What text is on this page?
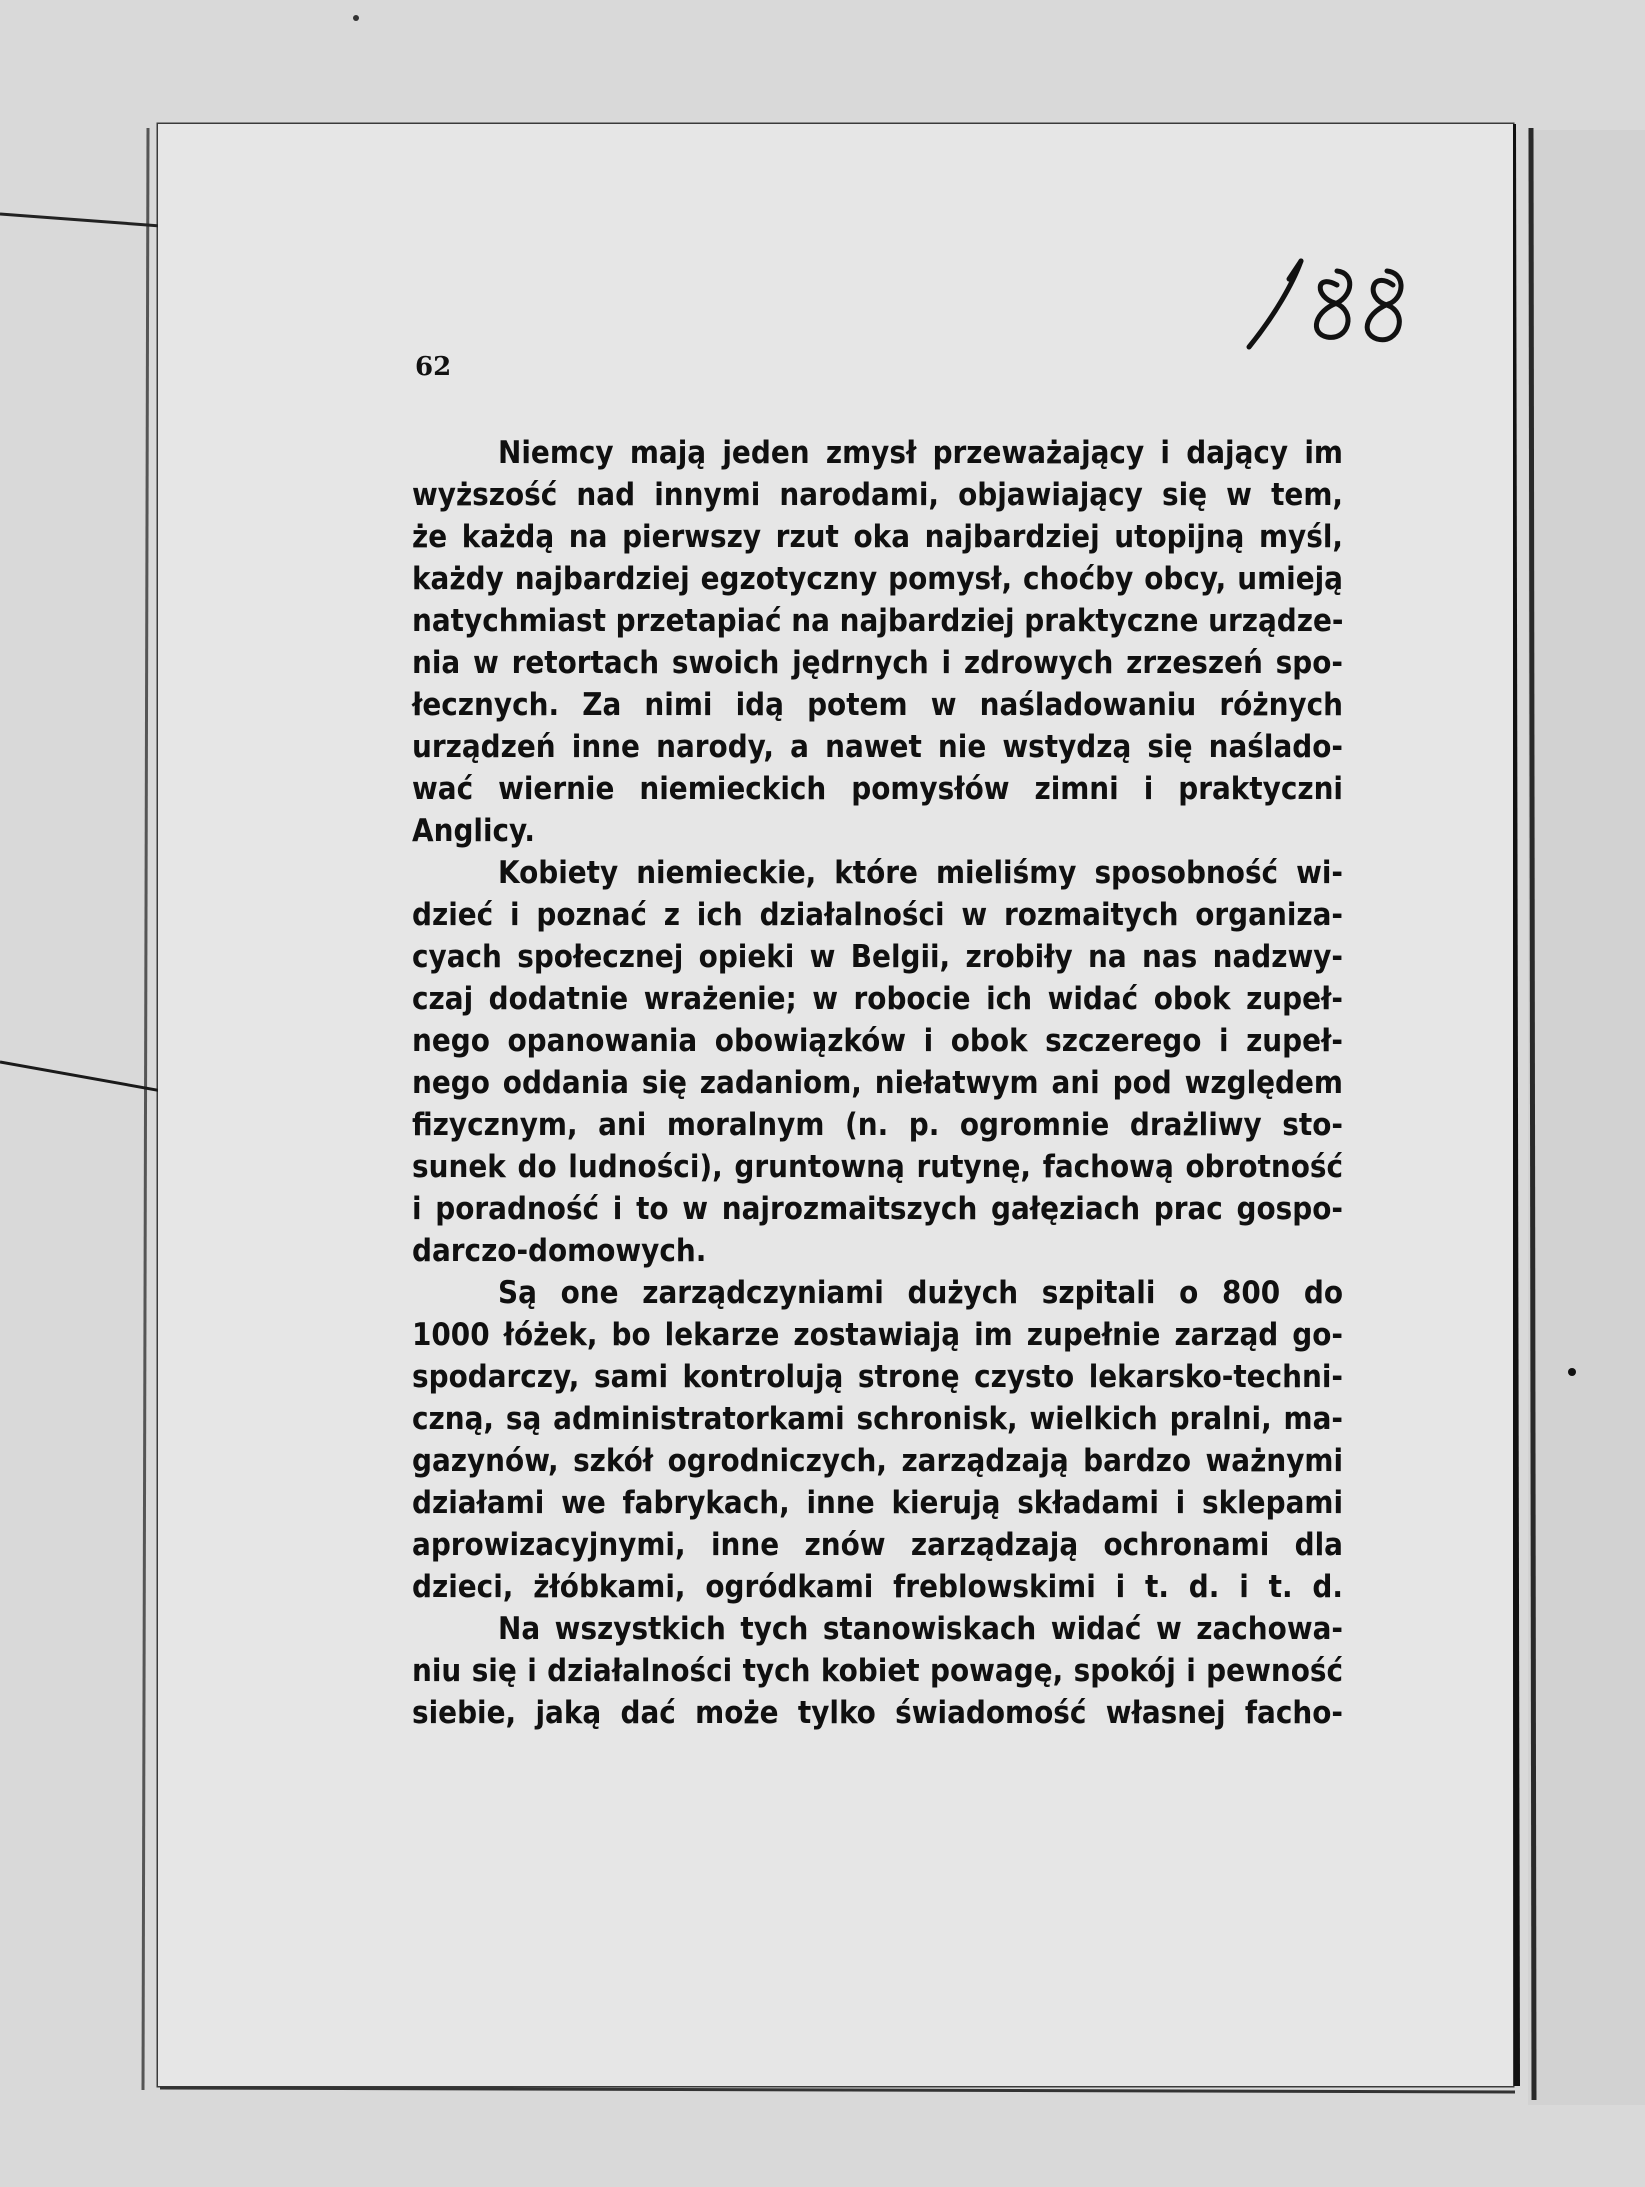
62

Niemcy mają jeden zmysł przeważający i dający im
wyższość nad innymi narodami, objawiający się w tem,
że każdą na pierwszy rzut oka najbardziej utopijną myśl,
każdy najbardziej egzotyczny pomysł, choćby obcy, umieją
natychmiast przetapiać na najbardziej praktyczne urządze-
nia w retortach swoich jędrnych i zdrowych zrzeszeń spo-
łecznych. Za nimi idą potem w naśladowaniu różnych
urządzeń inne narody, a nawet nie wstydzą się naślado-
wać wiernie niemieckich pomysłów zimni i praktyczni
Anglicy.

Kobiety niemieckie, które mieliśmy sposobność wi-
dzieć i poznać z ich działalności w rozmaitych organiza-
cyach społecznej opieki w Belgii, zrobiły na nas nadzwy-
czaj dodatnie wrażenie; w robocie ich widać obok zupeł-
nego opanowania obowiązków i obok szczerego i zupeł-
nego oddania się zadaniom, niełatwym ani pod względem
fizycznym, ani moralnym (n. p. ogromnie drażliwy sto-
sunek do ludności), gruntowną rutynę, fachową obrotność
i poradność i to w najrozmaitszych gałęziach prac gospo-
darczo-domowych.

Są one zarządczyniami dużych szpitali o 800 do
1000 łóżek, bo lekarze zostawiają im zupełnie zarząd go-
spodarczy, sami kontrolują stronę czysto lekarsko-techni-
czną, są administratorkami schronisk, wielkich pralni, ma-
gazynów, szkół ogrodniczych, zarządzają bardzo ważnymi
działami we fabrykach, inne kierują składami i sklepami
aprowizacyjnymi, inne znów zarządzają ochronami dla
dzieci, żłóbkami, ogródkami freblowskimi i t. d. i t. d.

Na wszystkich tych stanowiskach widać w zachowa-
niu się i działalności tych kobiet powagę, spokój i pewność
siebie, jaką dać może tylko świadomość własnej facho-
